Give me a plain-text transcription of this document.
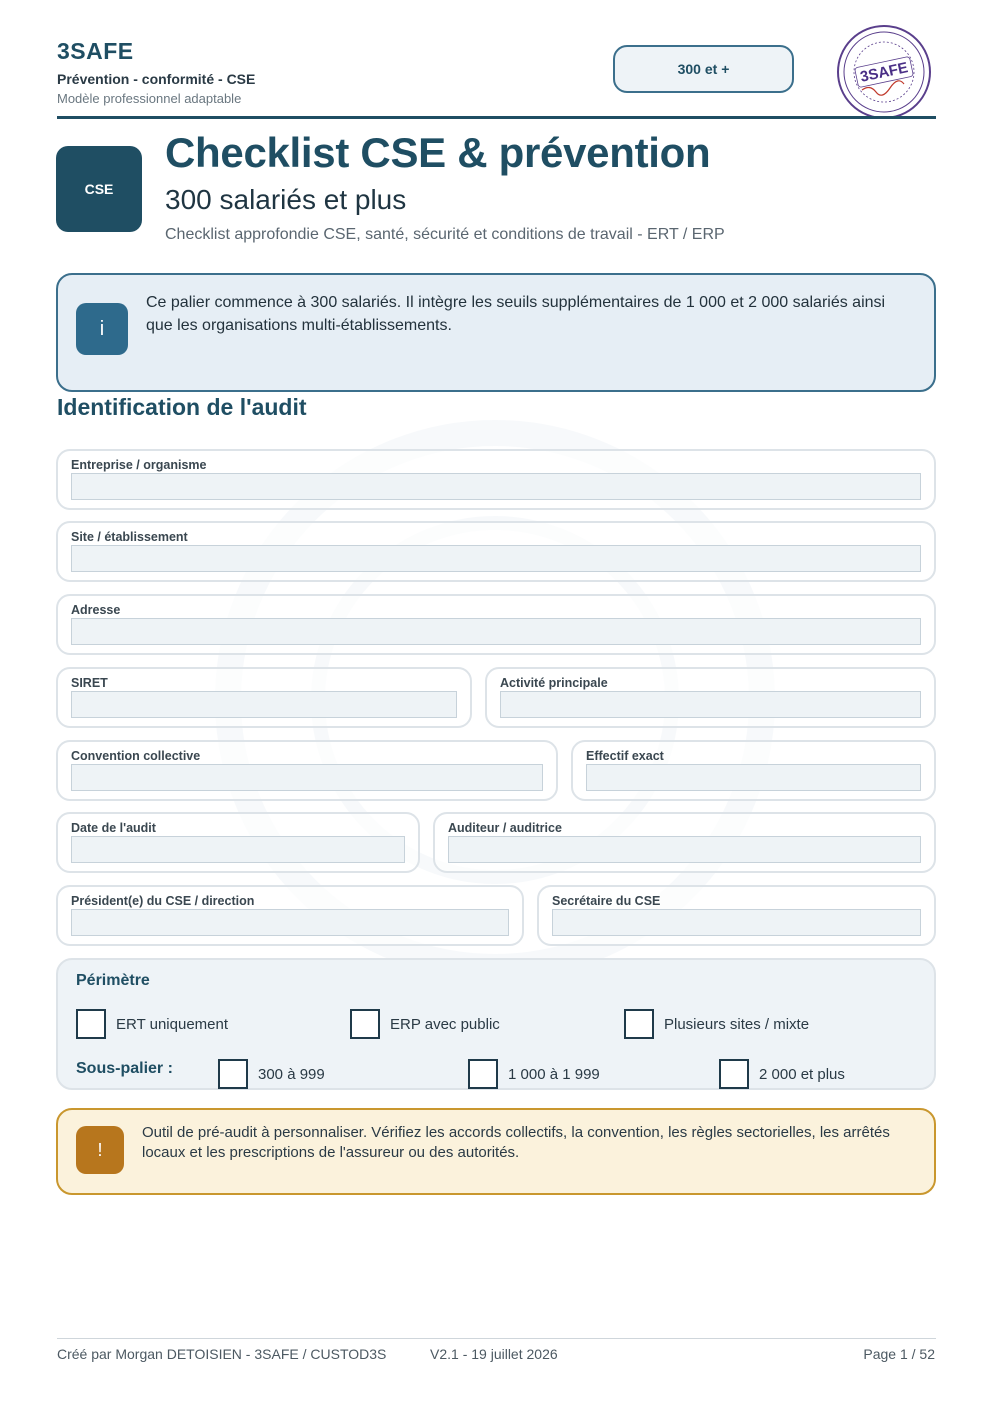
3SAFE
Prévention - conformité - CSE
Modèle professionnel adaptable
300 et +	3SAFE
CSE
Checklist CSE & prévention
300 salariés et plus
Checklist approfondie CSE, santé, sécurité et conditions de travail - ERT / ERP
i
Ce palier commence à 300 salariés. Il intègre les seuils supplémentaires de 1 000 et 2 000 salariés ainsi que les organisations multi-établissements.
Identification de l'audit
Entreprise / organisme
Site / établissement
Adresse
SIRET	Activité principale
Convention collective	Effectif exact
Date de l'audit	Auditeur / auditrice
Président(e) du CSE / direction	Secrétaire du CSE
Périmètre
ERT uniquement	ERP avec public	Plusieurs sites / mixte
Sous-palier :	300 à 999	1 000 à 1 999	2 000 et plus
!
Outil de pré-audit à personnaliser. Vérifiez les accords collectifs, la convention, les règles sectorielles, les arrêtés locaux et les prescriptions de l'assureur ou des autorités.
Créé par Morgan DETOISIEN - 3SAFE / CUSTOD3S	V2.1 - 19 juillet 2026	Page 1 / 52
